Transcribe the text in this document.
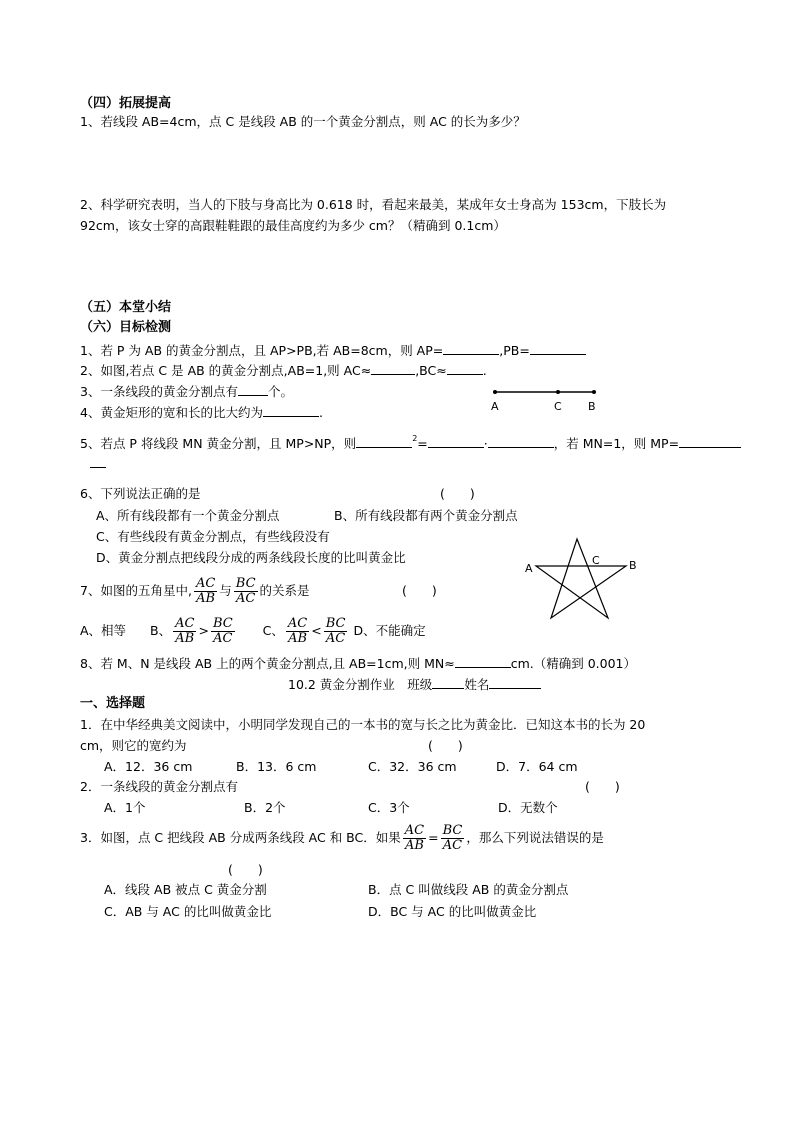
（四）拓展提高
1、若线段 AB=4cm，点 C 是线段 AB 的一个黄金分割点，则 AC 的长为多少？
2、科学研究表明，当人的下肢与身高比为 0.618 时，看起来最美，某成年女士身高为 153cm，下肢长为
92cm，该女士穿的高跟鞋鞋跟的最佳高度约为多少 cm？（精确到 0.1cm）
（五）本堂小结
（六）目标检测
1、若 P 为 AB 的黄金分割点，且 AP>PB,若 AB=8cm，则 AP=	,PB=
2、如图,若点 C 是 AB 的黄金分割点,AB=1,则 AC≈	,BC≈	.
3、一条线段的黄金分割点有 个。
4、黄金矩形的宽和长的比大约为	.	A	C B
5、若点 P 将线段 MN 黄金分割，且 MP>NP，则	$^2$=	·	，若 MN=1，则 MP=
6、下列说法正确的是	(　　)
A、所有线段都有一个黄金分割点	B、所有线段都有两个黄金分割点
C、有些线段有黄金分割点，有些线段没有
D、黄金分割点把线段分成的两条线段长度的比叫黄金比
A
C	B
7、如图的五角星中, $\frac{AC}{AB}$ 与 $\frac{BC}{AC}$ 的关系是	(　　)
A、相等 B、 $\frac{AC}{AB} > \frac{BC}{AC}$ C、 $\frac{AC}{AB} < \frac{BC}{AC}$ D、不能确定
8、若 M、N 是线段 AB 上的两个黄金分割点,且 AB=1cm,则 MN≈	cm.（精确到 0.001）
10.2 黄金分割作业　班级	姓名
一、选择题
1．在中华经典美文阅读中，小明同学发现自己的一本书的宽与长之比为黄金比．已知这本书的长为 20
cm，则它的宽约为	(　　)
A．12．36 cm	B．13．6 cm	C．32．36 cm	D．7．64 cm
2．一条线段的黄金分割点有	(　　)
A．1个	B．2个	C．3个	D．无数个
3．如图，点 C 把线段 AB 分成两条线段 AC 和 BC．如果 $\frac{AC}{AB} = \frac{BC}{AC}$ ，那么下列说法错误的是
(　　)
A．线段 AB 被点 C 黄金分割	B．点 C 叫做线段 AB 的黄金分割点
C．AB 与 AC 的比叫做黄金比	D．BC 与 AC 的比叫做黄金比
